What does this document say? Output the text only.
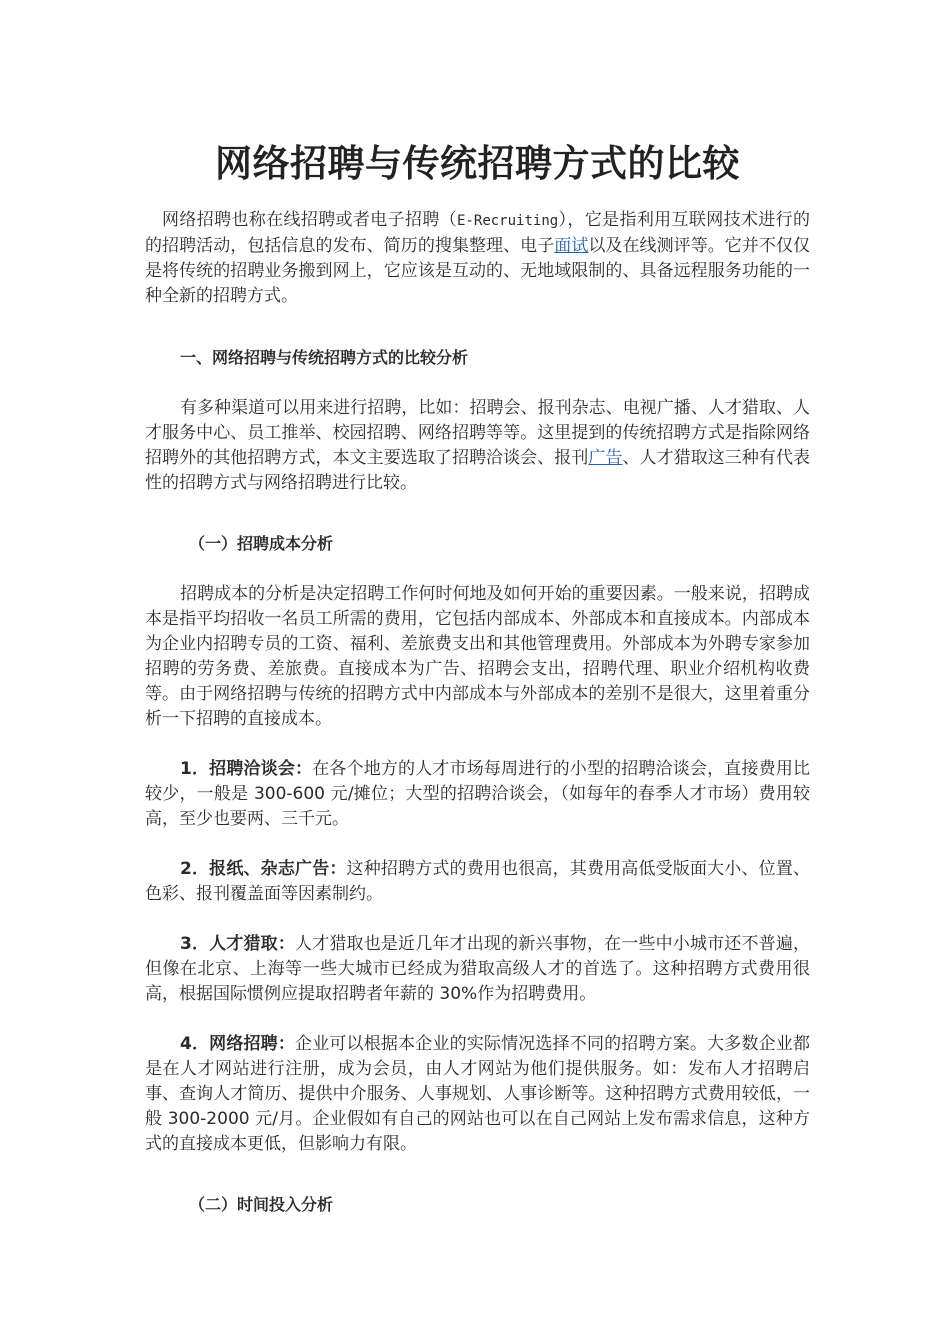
网络招聘与传统招聘方式的比较

网络招聘也称在线招聘或者电子招聘（E-Recruiting），它是指利用互联网技术进行的的招聘活动，包括信息的发布、简历的搜集整理、电子面试以及在线测评等。它并不仅仅是将传统的招聘业务搬到网上，它应该是互动的、无地域限制的、具备远程服务功能的一种全新的招聘方式。

一、网络招聘与传统招聘方式的比较分析

有多种渠道可以用来进行招聘，比如：招聘会、报刊杂志、电视广播、人才猎取、人才服务中心、员工推举、校园招聘、网络招聘等等。这里提到的传统招聘方式是指除网络招聘外的其他招聘方式，本文主要选取了招聘洽谈会、报刊广告、人才猎取这三种有代表性的招聘方式与网络招聘进行比较。

（一）招聘成本分析

招聘成本的分析是决定招聘工作何时何地及如何开始的重要因素。一般来说，招聘成本是指平均招收一名员工所需的费用，它包括内部成本、外部成本和直接成本。内部成本为企业内招聘专员的工资、福利、差旅费支出和其他管理费用。外部成本为外聘专家参加招聘的劳务费、差旅费。直接成本为广告、招聘会支出，招聘代理、职业介绍机构收费等。由于网络招聘与传统的招聘方式中内部成本与外部成本的差别不是很大，这里着重分析一下招聘的直接成本。

1．招聘洽谈会：在各个地方的人才市场每周进行的小型的招聘洽谈会，直接费用比较少，一般是 300-600 元/摊位；大型的招聘洽谈会，（如每年的春季人才市场）费用较高，至少也要两、三千元。

2．报纸、杂志广告：这种招聘方式的费用也很高，其费用高低受版面大小、位置、色彩、报刊覆盖面等因素制约。

3．人才猎取：人才猎取也是近几年才出现的新兴事物，在一些中小城市还不普遍，但像在北京、上海等一些大城市已经成为猎取高级人才的首选了。这种招聘方式费用很高，根据国际惯例应提取招聘者年薪的 30%作为招聘费用。

4．网络招聘：企业可以根据本企业的实际情况选择不同的招聘方案。大多数企业都是在人才网站进行注册，成为会员，由人才网站为他们提供服务。如：发布人才招聘启事、查询人才简历、提供中介服务、人事规划、人事诊断等。这种招聘方式费用较低，一般 300-2000 元/月。企业假如有自己的网站也可以在自己网站上发布需求信息，这种方式的直接成本更低，但影响力有限。

（二）时间投入分析
